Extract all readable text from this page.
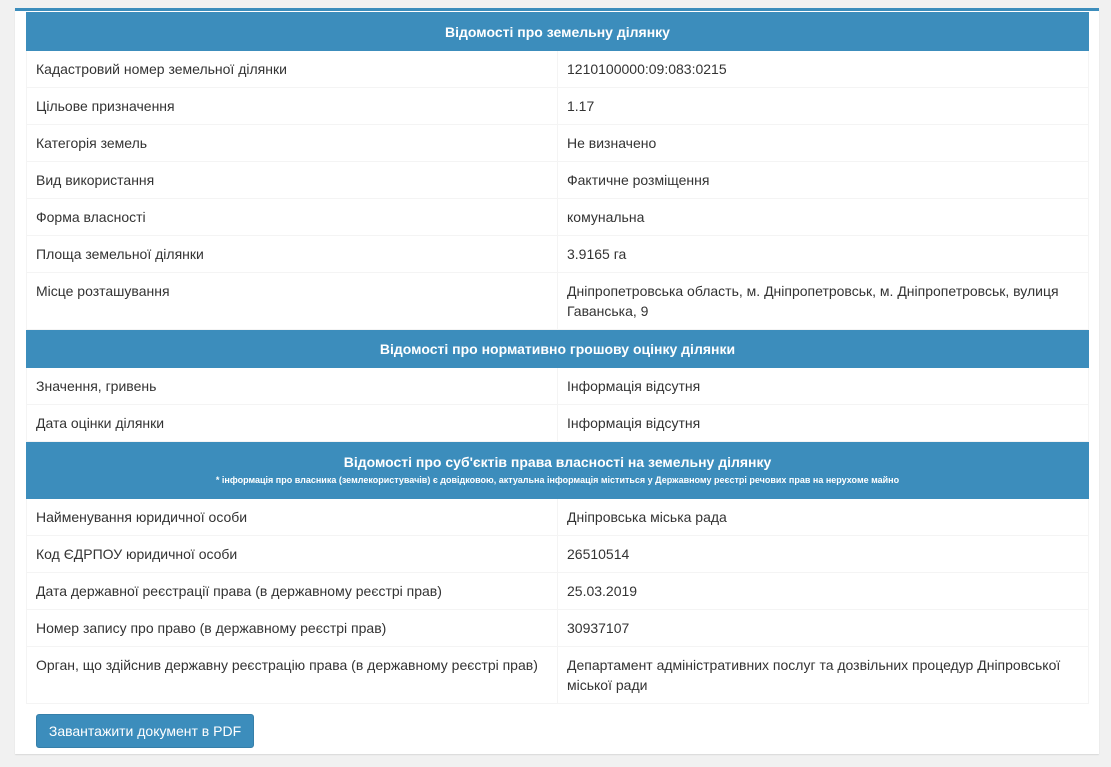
Відомості про земельну ділянку	
Кадастровий номер земельної ділянки	1210100000:09:083:0215
Цільове призначення	1.17
Категорія земель	Не визначено
Вид використання	Фактичне розміщення
Форма власності	комунальна
Площа земельної ділянки	3.9165 га
Місце розташування	Дніпропетровська область, м. Дніпропетровськ, м. Дніпропетровськ, вулиця Гаванська, 9
Відомості про нормативно грошову оцінку ділянки	
Значення, гривень	Інформація відсутня
Дата оцінки ділянки	Інформація відсутня
Відомості про суб'єктів права власності на земельну ділянку
* інформація про власника (землекористувачів) є довідковою, актуальна інформація міститься у Державному реєстрі речових прав на нерухоме майно	

Найменування юридичної особи	Дніпровська міська рада
Код ЄДРПОУ юридичної особи	26510514
Дата державної реєстрації права (в державному реєстрі прав)	25.03.2019
Номер запису про право (в державному реєстрі прав)	30937107
Орган, що здійснив державну реєстрацію права (в державному реєстрі прав)	Департамент адміністративних послуг та дозвільних процедур Дніпровської міської ради
Завантажити документ в PDF
